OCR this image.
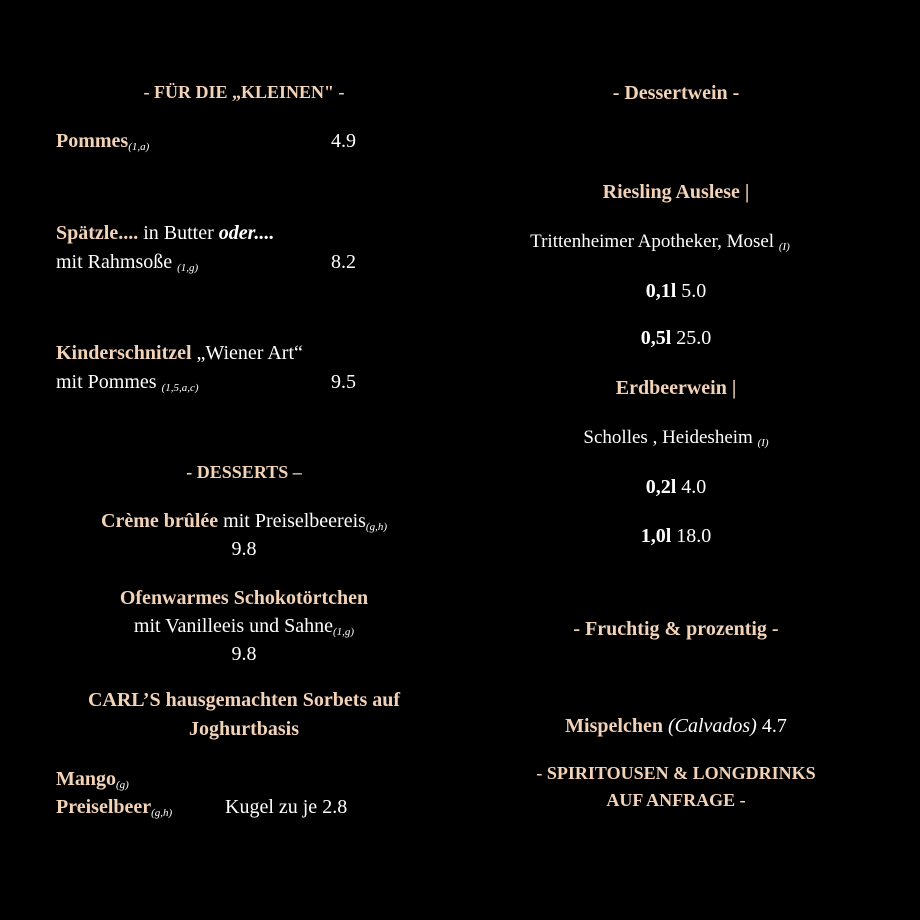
- FÜR DIE „KLEINEN" -
Pommes(1,a)	4.9
Spätzle.... in Butter oder....
mit Rahmsoße (1,g)	8.2
Kinderschnitzel „Wiener Art“
mit Pommes (1,5,a,c)	9.5
- DESSERTS –
Crème brûlée mit Preiselbeereis(g,h)
9.8
Ofenwarmes Schokotörtchen
mit Vanilleeis und Sahne(1,g)
9.8
CARL’S hausgemachten Sorbets auf
Joghurtbasis
Mango(g)
Preiselbeer(g,h)	Kugel zu je 2.8
- Dessertwein -
Riesling Auslese |
Trittenheimer Apotheker, Mosel (I)
0,1l 5.0
0,5l 25.0
Erdbeerwein |
Scholles , Heidesheim (I)
0,2l 4.0
1,0l 18.0
- Fruchtig & prozentig -
Mispelchen (Calvados) 4.7
- SPIRITOUSEN & LONGDRINKS
AUF ANFRAGE -
